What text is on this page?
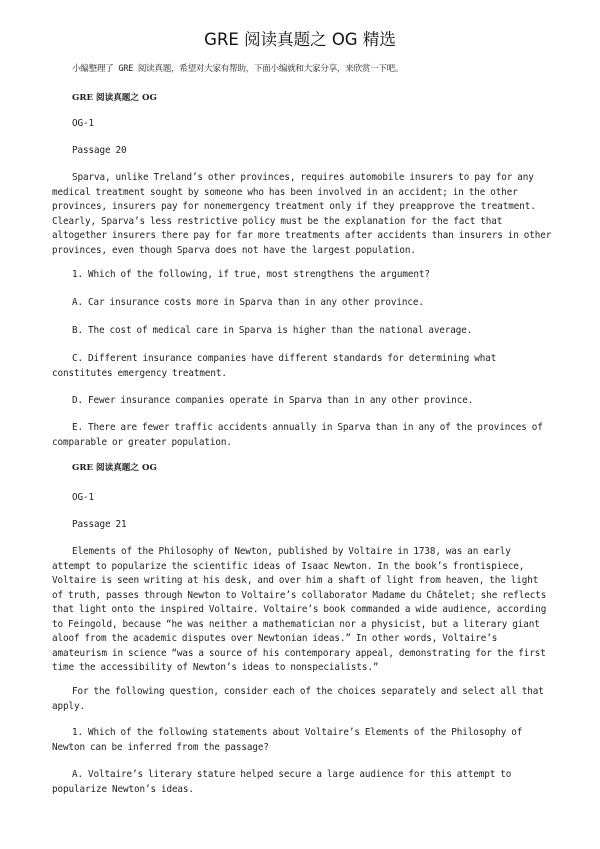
GRE 阅读真题之 OG 精选

小编整理了 GRE 阅读真题，希望对大家有帮助，下面小编就和大家分享，来欣赏一下吧。

GRE 阅读真题之 OG

OG-1

Passage 20

Sparva, unlike Treland’s other provinces, requires automobile insurers to pay for any medical treatment sought by someone who has been involved in an accident; in the other provinces, insurers pay for nonemergency treatment only if they preapprove the treatment. Clearly, Sparva’s less restrictive policy must be the explanation for the fact that altogether insurers there pay for far more treatments after accidents than insurers in other provinces, even though Sparva does not have the largest population.

1. Which of the following, if true, most strengthens the argument?

A. Car insurance costs more in Sparva than in any other province.

B. The cost of medical care in Sparva is higher than the national average.

C. Different insurance companies have different standards for determining what constitutes emergency treatment.

D. Fewer insurance companies operate in Sparva than in any other province.

E. There are fewer traffic accidents annually in Sparva than in any of the provinces of comparable or greater population.

GRE 阅读真题之 OG

OG-1

Passage 21

Elements of the Philosophy of Newton, published by Voltaire in 1738, was an early attempt to popularize the scientific ideas of Isaac Newton. In the book’s frontispiece, Voltaire is seen writing at his desk, and over him a shaft of light from heaven, the light of truth, passes through Newton to Voltaire’s collaborator Madame du Châtelet; she reflects that light onto the inspired Voltaire. Voltaire’s book commanded a wide audience, according to Feingold, because “he was neither a mathematician nor a physicist, but a literary giant aloof from the academic disputes over Newtonian ideas.” In other words, Voltaire’s amateurism in science “was a source of his contemporary appeal, demonstrating for the first time the accessibility of Newton’s ideas to nonspecialists.”

For the following question, consider each of the choices separately and select all that apply.

1. Which of the following statements about Voltaire’s Elements of the Philosophy of Newton can be inferred from the passage?

A. Voltaire’s literary stature helped secure a large audience for this attempt to popularize Newton’s ideas.
